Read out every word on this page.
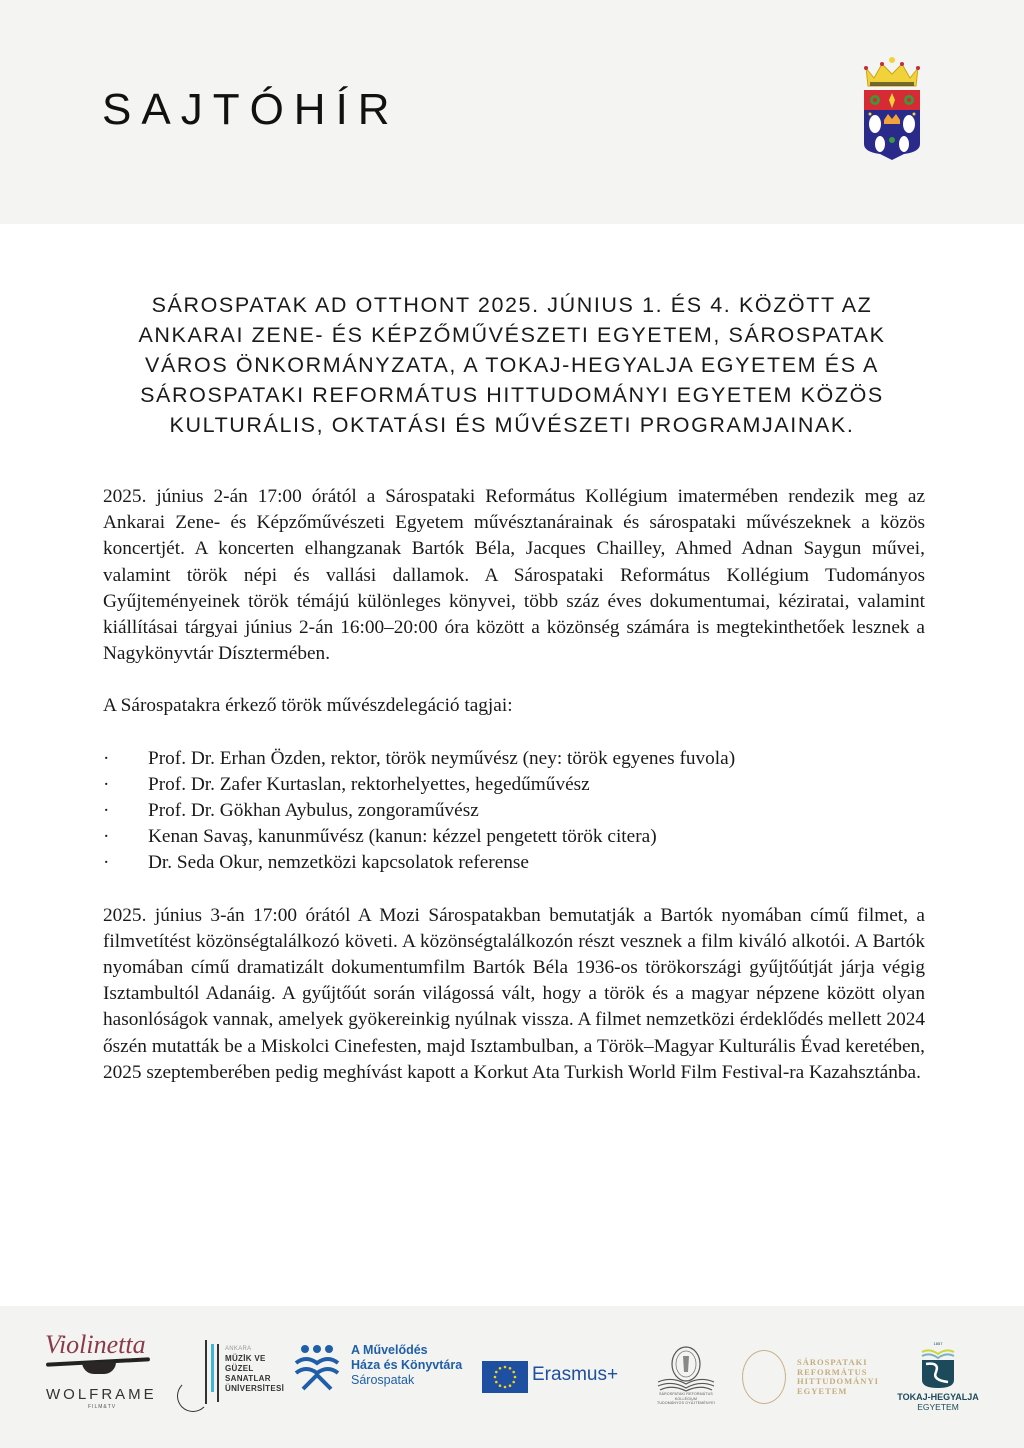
SAJTÓHÍR
SÁROSPATAK AD OTTHONT 2025. JÚNIUS 1. ÉS 4. KÖZÖTT AZ ANKARAI ZENE- ÉS KÉPZŐMŰVÉSZETI EGYETEM, SÁROSPATAK VÁROS ÖNKORMÁNYZATA, A TOKAJ-HEGYALJA EGYETEM ÉS A SÁROSPATAKI REFORMÁTUS HITTUDOMÁNYI EGYETEM KÖZÖS KULTURÁLIS, OKTATÁSI ÉS MŰVÉSZETI PROGRAMJAINAK.

2025. június 2-án 17:00 órától a Sárospataki Református Kollégium imatermében rendezik meg az Ankarai Zene- és Képzőművészeti Egyetem művésztanárainak és sárospataki művészeknek a közös koncertjét. A koncerten elhangzanak Bartók Béla, Jacques Chailley, Ahmed Adnan Saygun művei, valamint török népi és vallási dallamok. A Sárospataki Református Kollégium Tudományos Gyűjteményeinek török témájú különleges könyvei, több száz éves dokumentumai, kéziratai, valamint kiállításai tárgyai június 2-án 16:00–20:00 óra között a közönség számára is megtekinthetőek lesznek a Nagykönyvtár Dísztermében.

A Sárospatakra érkező török művészdelegáció tagjai:

· Prof. Dr. Erhan Özden, rektor, török neyművész (ney: török egyenes fuvola)
· Prof. Dr. Zafer Kurtaslan, rektorhelyettes, hegedűművész
· Prof. Dr. Gökhan Aybulus, zongoraművész
· Kenan Savaş, kanunművész (kanun: kézzel pengetett török citera)
· Dr. Seda Okur, nemzetközi kapcsolatok referense

2025. június 3-án 17:00 órától A Mozi Sárospatakban bemutatják a Bartók nyomában című filmet, a filmvetítést közönségtalálkozó követi. A közönségtalálkozón részt vesznek a film kiváló alkotói. A Bartók nyomában című dramatizált dokumentumfilm Bartók Béla 1936-os törökországi gyűjtőútját járja végig Isztambultól Adanáig. A gyűjtőút során világossá vált, hogy a török és a magyar népzene között olyan hasonlóságok vannak, amelyek gyökereinkig nyúlnak vissza. A filmet nemzetközi érdeklődés mellett 2024 őszén mutatták be a Miskolci Cinefesten, majd Isztambulban, a Török–Magyar Kulturális Évad keretében, 2025 szeptemberében pedig meghívást kapott a Korkut Ata Turkish World Film Festival-ra Kazahsztánba.

Violinetta
WOLFRAME
FILM&TV
ANKARA
MÜZİK VE
GÜZEL SANATLAR
ÜNİVERSİTESİ
A Művelődés
Háza és Könyvtára
Sárospatak	Erasmus+
SÁROSPATAKI REFORMÁTUS KOLLÉGIUM
TUDOMÁNYOS GYŰJTEMÉNYEI
SÁROSPATAKI
REFORMÁTUS
HITTUDOMÁNYI
EGYETEM
1857
TOKAJ-HEGYALJA
EGYETEM
